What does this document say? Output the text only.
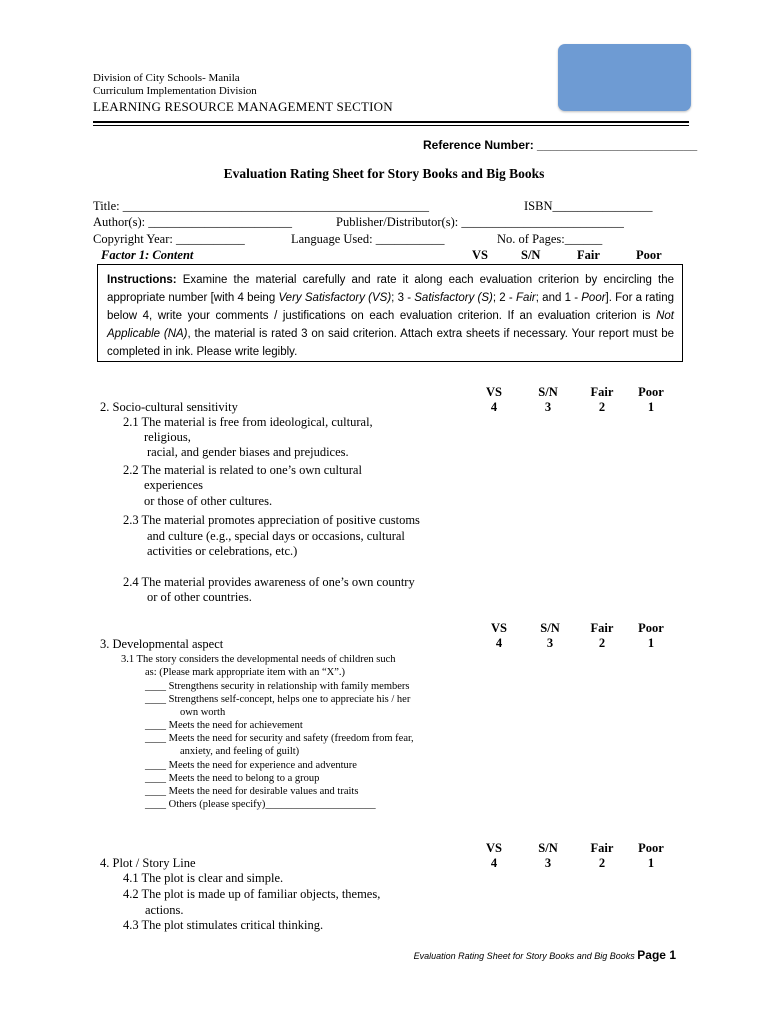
Division of City Schools- Manila
Curriculum Implementation Division
LEARNING RESOURCE MANAGEMENT SECTION
Reference Number: ________________________
Evaluation Rating Sheet for Story Books and Big Books
Title: _________________________________________________	ISBN________________
Author(s): _______________________	Publisher/Distributor(s): __________________________
Copyright Year: ___________	Language Used: ___________	No. of Pages:______
Factor 1: Content	VS	S/N	Fair	Poor

Instructions: Examine the material carefully and rate it along each evaluation criterion by encircling the appropriate number [with 4 being Very Satisfactory (VS); 3 - Satisfactory (S); 2 - Fair; and 1 - Poor]. For a rating below 4, write your comments / justifications on each evaluation criterion. If an evaluation criterion is Not Applicable (NA), the material is rated 3 on said criterion. Attach extra sheets if necessary. Your report must be completed in ink. Please write legibly.

VS	S/N	Fair	Poor
4	3	2	1
2. Socio-cultural sensitivity
2.1 The material is free from ideological, cultural,
religious,
racial, and gender biases and prejudices.
2.2 The material is related to one’s own cultural
experiences
or those of other cultures.
2.3 The material promotes appreciation of positive customs
and culture (e.g., special days or occasions, cultural
activities or celebrations, etc.)
2.4 The material provides awareness of one’s own country
or of other countries.
VS	S/N	Fair	Poor
4	3	2	1
3. Developmental aspect
3.1 The story considers the developmental needs of children such
as: (Please mark appropriate item with an “X”.)
____ Strengthens security in relationship with family members
____ Strengthens self-concept, helps one to appreciate his / her
own worth
____ Meets the need for achievement
____ Meets the need for security and safety (freedom from fear,
anxiety, and feeling of guilt)
____ Meets the need for experience and adventure
____ Meets the need to belong to a group
____ Meets the need for desirable values and traits
____ Others (please specify)_____________________
VS	S/N	Fair	Poor
4	3	2	1
4. Plot / Story Line
4.1 The plot is clear and simple.
4.2 The plot is made up of familiar objects, themes,
actions.
4.3 The plot stimulates critical thinking.
Evaluation Rating Sheet for Story Books and Big Books Page 1
